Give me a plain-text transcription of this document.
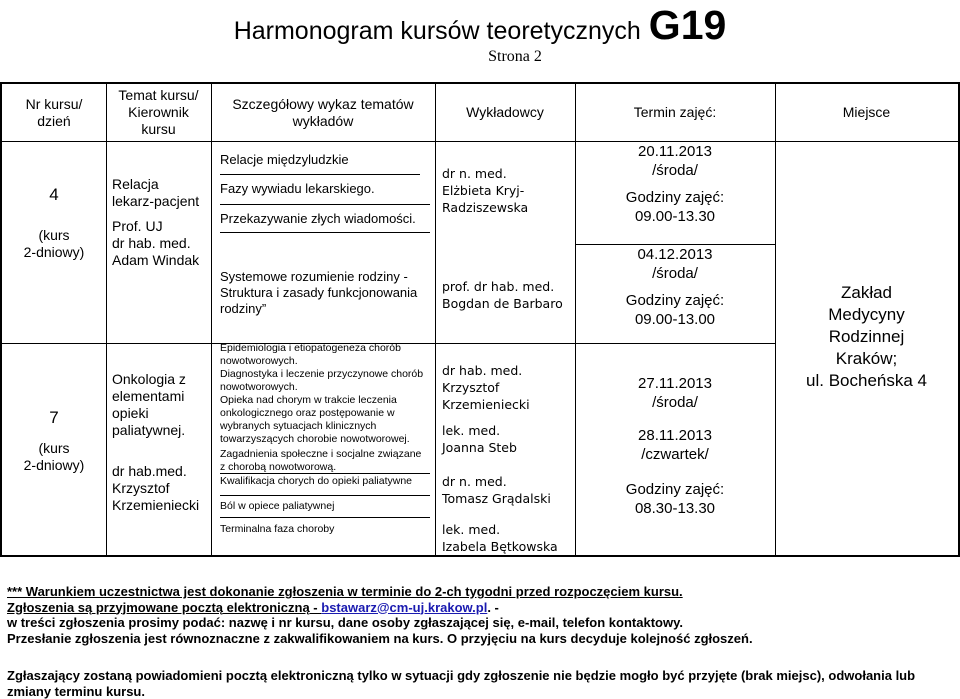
Harmonogram kursów teoretycznych G19
Strona 2
Nr kursu/
dzień
Temat kursu/
Kierownik
kursu
Szczegółowy wykaz tematów
wykładów
Wykładowcy	Termin zajęć:	Miejsce
4
(kurs
2-dniowy)
Relacja
lekarz-pacjent
Prof. UJ
dr hab. med.
Adam Windak
7
(kurs
2-dniowy)
Onkologia z
elementami
opieki
paliatywnej.
dr hab.med.
Krzysztof
Krzemieniecki
Relacje międzyludzkie
Fazy wywiadu lekarskiego.
Przekazywanie złych wiadomości.
Systemowe rozumienie rodziny -
Struktura i zasady funkcjonowania
rodziny”
Epidemiologia i etiopatogeneza chorób
nowotworowych.
Diagnostyka i leczenie przyczynowe chorób
nowotworowych.
Opieka nad chorym w trakcie leczenia
onkologicznego oraz postępowanie w
wybranych sytuacjach klinicznych
towarzyszących chorobie nowotworowej.
Zagadnienia społeczne i socjalne związane
z chorobą nowotworową.
Kwalifikacja chorych do opieki paliatywne
Ból w opiece paliatywnej
Terminalna faza choroby
dr n. med.
Elżbieta Kryj-
Radziszewska
prof. dr hab. med.
Bogdan de Barbaro
dr hab. med.
Krzysztof
Krzemieniecki
lek. med.
Joanna Steb
dr n. med.
Tomasz Grądalski
lek. med.
Izabela Bętkowska
20.11.2013
/środa/
Godziny zajęć:
09.00-13.30
04.12.2013
/środa/
Godziny zajęć:
09.00-13.00
27.11.2013
/środa/
28.11.2013
/czwartek/
Godziny zajęć:
08.30-13.30
Zakład
Medycyny
Rodzinnej
Kraków;
ul. Bocheńska 4

*** Warunkiem uczestnictwa jest dokonanie zgłoszenia w terminie do 2-ch tygodni przed rozpoczęciem kursu.

Zgłoszenia są przyjmowane pocztą elektroniczną - bstawarz@cm-uj.krakow.pl. -

w treści zgłoszenia prosimy podać: nazwę i nr kursu, dane osoby zgłaszającej się, e-mail, telefon kontaktowy.

Przesłanie zgłoszenia jest równoznaczne z zakwalifikowaniem na kurs. O przyjęciu na kurs decyduje kolejność zgłoszeń.

Zgłaszający zostaną powiadomieni pocztą elektroniczną tylko w sytuacji gdy zgłoszenie nie będzie mogło być przyjęte (brak miejsc), odwołania lub zmiany terminu kursu.
